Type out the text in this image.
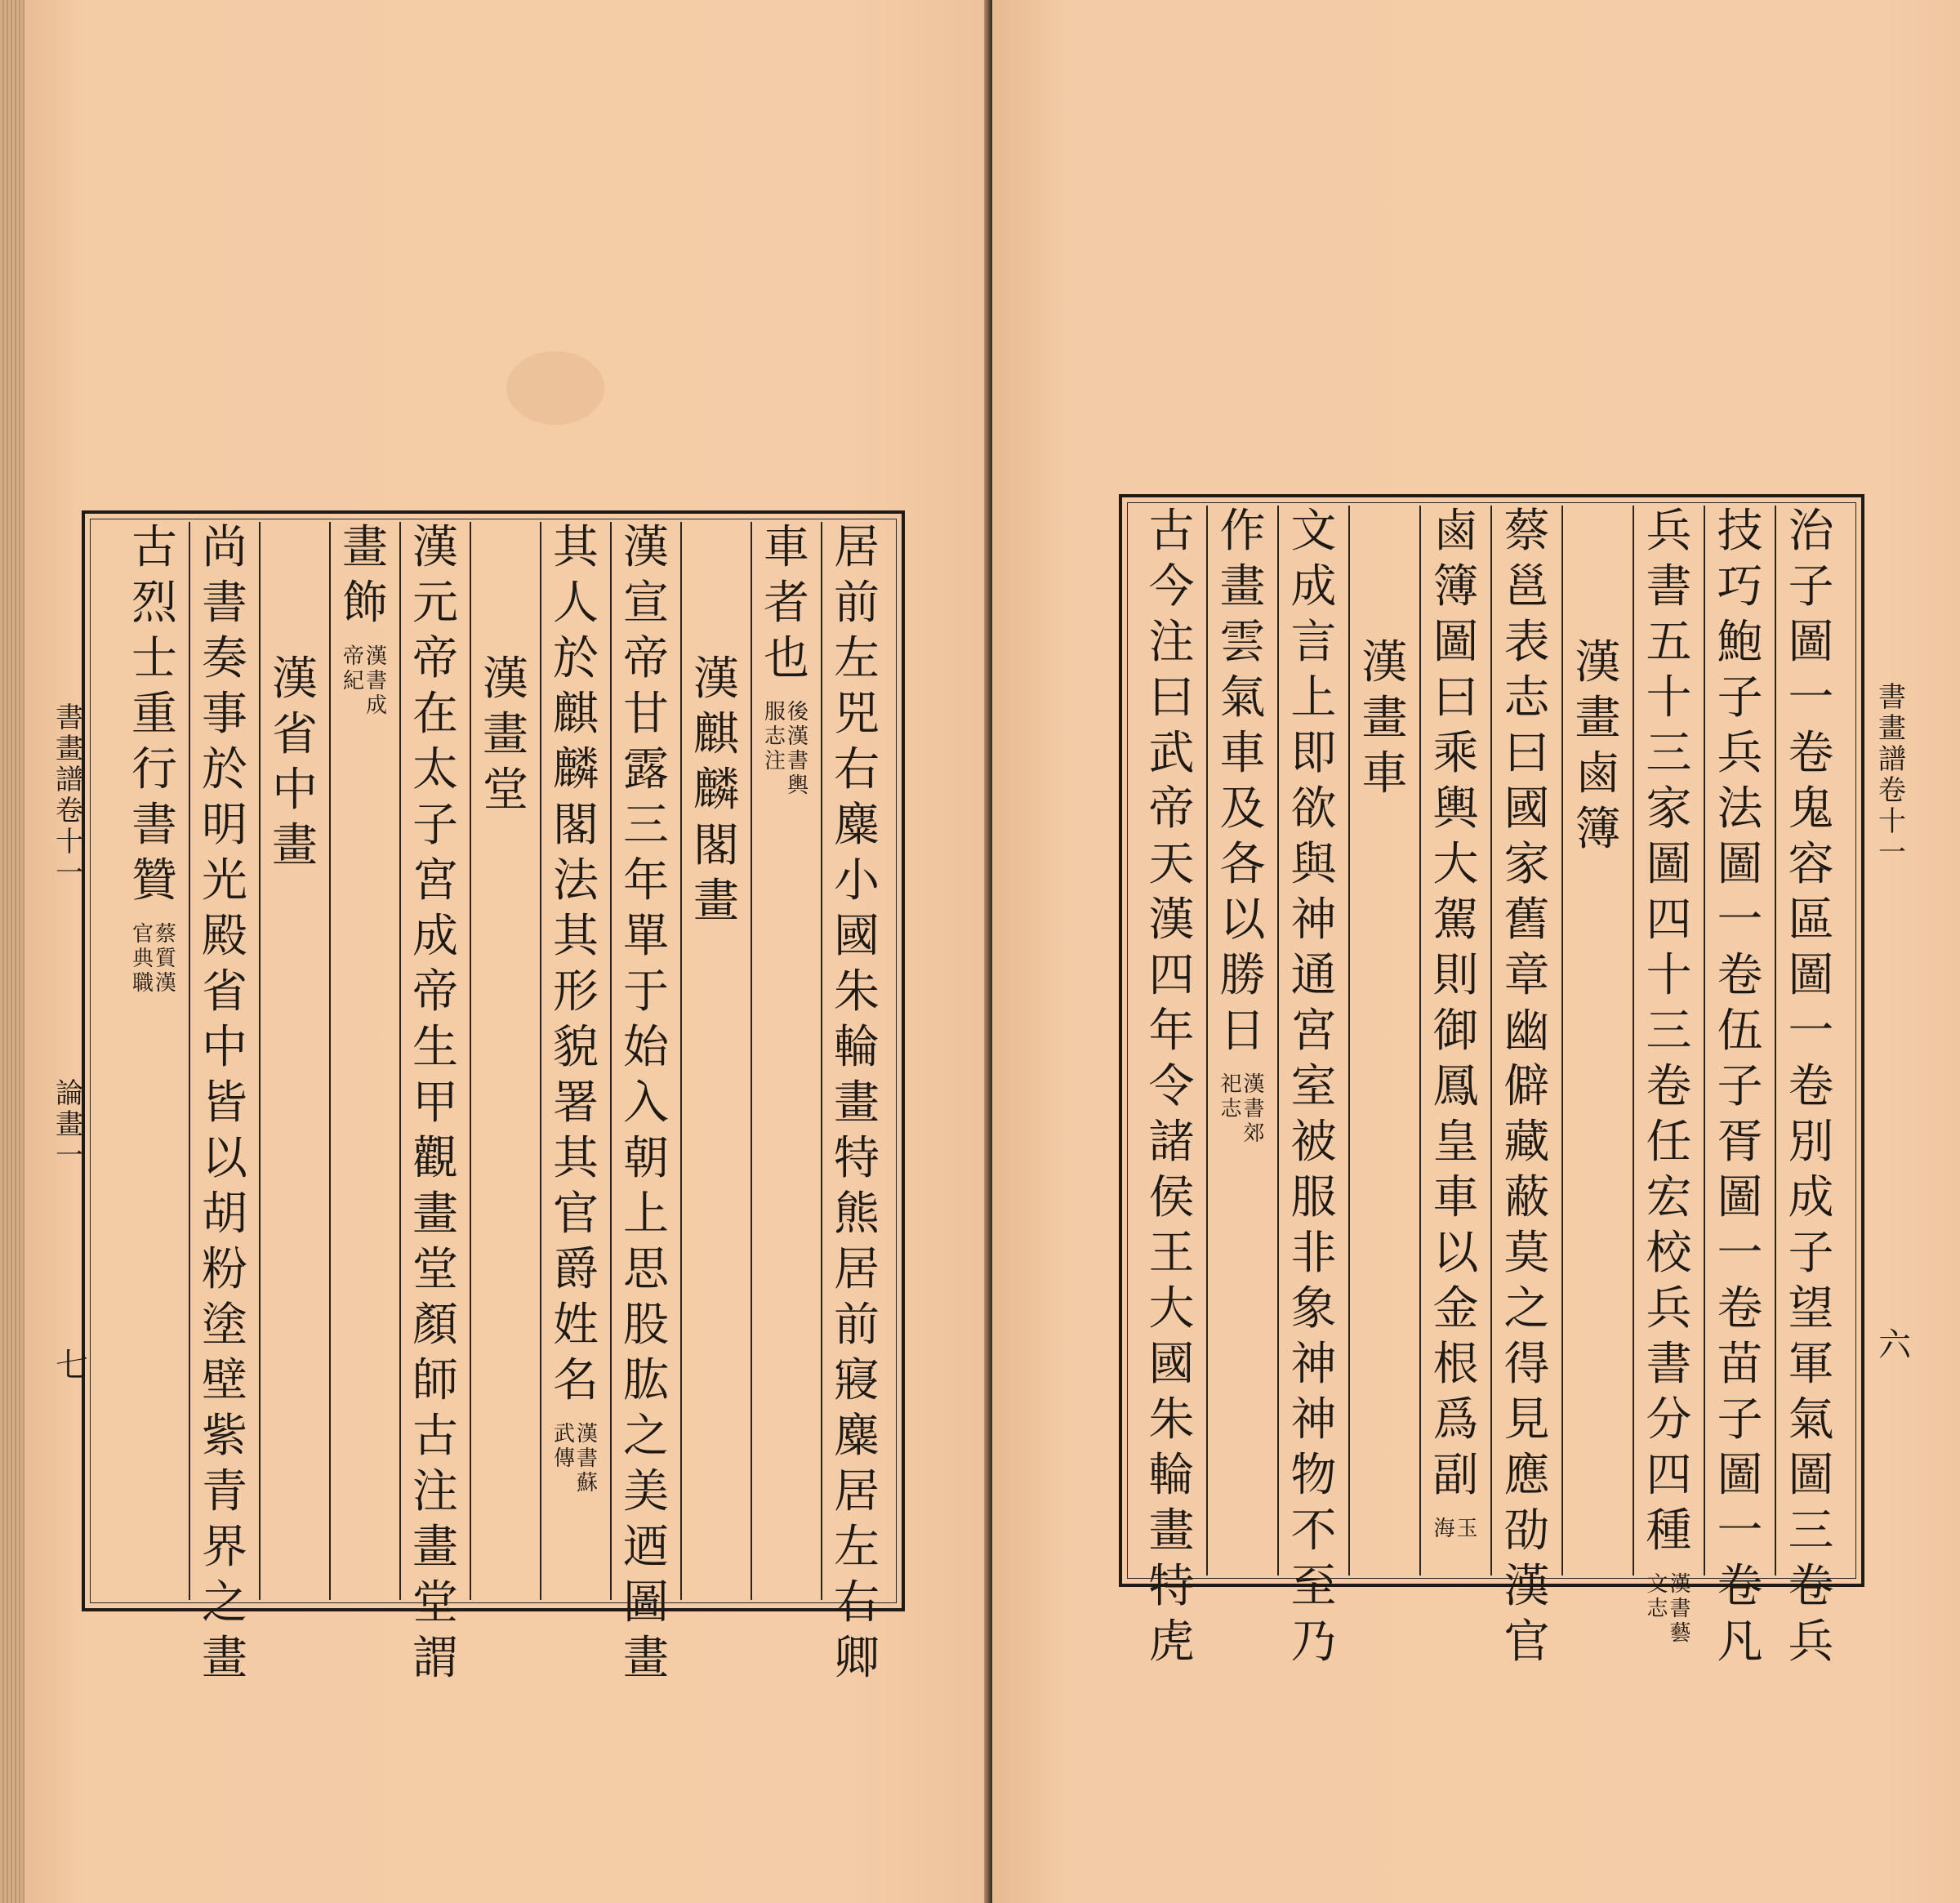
居
前
左
兕
右
麋
小
國
朱
輪
畫
特
熊
居
前
寢
麋
居
左
右
卿
車
者
也
後
漢
書
輿
服
志
注
漢
麒
麟
閣
畫
漢
宣
帝
甘
露
三
年
單
于
始
入
朝
上
思
股
肱
之
美
迺
圖
畫
其
人
於
麒
麟
閣
法
其
形
貌
署
其
官
爵
姓
名
漢
書
蘇
武
傳
漢
畫
堂
漢
元
帝
在
太
子
宮
成
帝
生
甲
觀
畫
堂
顏
師
古
注
畫
堂
謂
畫
飾
漢
書
成
帝
紀
漢
省
中
畫
尚
書
奏
事
於
明
光
殿
省
中
皆
以
胡
粉
塗
壁
紫
青
界
之
畫
古
烈
士
重
行
書
贊
蔡
質
漢
官
典
職
書
畫
譜
卷
十
一
論
畫
一
七
治
子
圖
一
卷
鬼
容
區
圖
一
卷
別
成
子
望
軍
氣
圖
三
卷
兵
技
巧
鮑
子
兵
法
圖
一
卷
伍
子
胥
圖
一
卷
苗
子
圖
一
卷
凡
兵
書
五
十
三
家
圖
四
十
三
卷
任
宏
校
兵
書
分
四
種
漢
書
藝
文
志
漢
畫
鹵
簿
蔡
邕
表
志
曰
國
家
舊
章
幽
僻
藏
蔽
莫
之
得
見
應
劭
漢
官
鹵
簿
圖
曰
乘
輿
大
駕
則
御
鳳
皇
車
以
金
根
爲
副
玉
海
漢
畫
車
文
成
言
上
即
欲
與
神
通
宮
室
被
服
非
象
神
神
物
不
至
乃
作
畫
雲
氣
車
及
各
以
勝
日
漢
書
郊
祀
志
古
今
注
曰
武
帝
天
漢
四
年
令
諸
侯
王
大
國
朱
輪
畫
特
虎
書
畫
譜
卷
十
一
六
